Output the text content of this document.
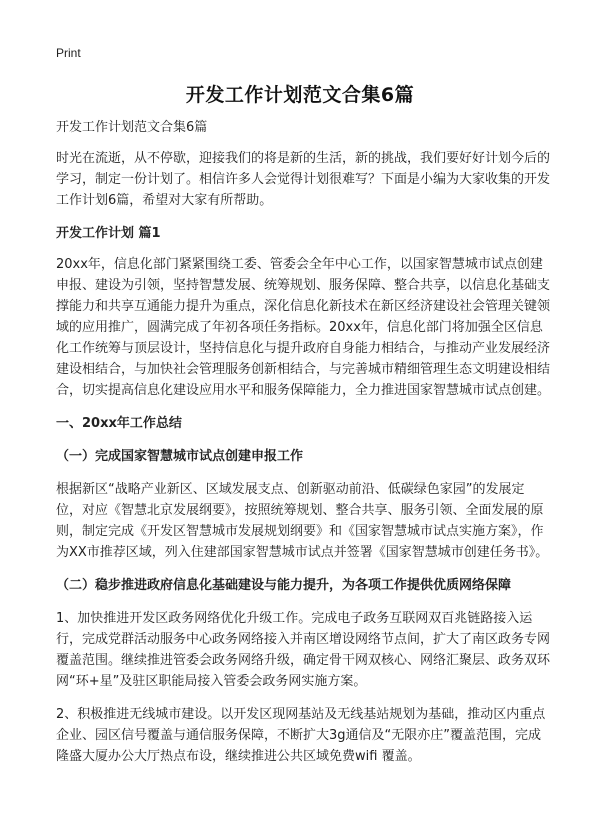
Print
开发工作计划范文合集6篇

开发工作计划范文合集6篇

时光在流逝，从不停歇，迎接我们的将是新的生活，新的挑战，我们要好好计划今后的学习，制定一份计划了。相信许多人会觉得计划很难写？下面是小编为大家收集的开发工作计划6篇，希望对大家有所帮助。

开发工作计划 篇1

20xx年，信息化部门紧紧围绕工委、管委会全年中心工作，以国家智慧城市试点创建申报、建设为引领，坚持智慧发展、统筹规划、服务保障、整合共享，以信息化基础支撑能力和共享互通能力提升为重点，深化信息化新技术在新区经济建设社会管理关键领域的应用推广，圆满完成了年初各项任务指标。20xx年，信息化部门将加强全区信息化工作统筹与顶层设计，坚持信息化与提升政府自身能力相结合，与推动产业发展经济建设相结合，与加快社会管理服务创新相结合，与完善城市精细管理生态文明建设相结合，切实提高信息化建设应用水平和服务保障能力，全力推进国家智慧城市试点创建。

一、20xx年工作总结

（一）完成国家智慧城市试点创建申报工作

根据新区“战略产业新区、区域发展支点、创新驱动前沿、低碳绿色家园”的发展定位，对应《智慧北京发展纲要》，按照统筹规划、整合共享、服务引领、全面发展的原则，制定完成《开发区智慧城市发展规划纲要》和《国家智慧城市试点实施方案》，作为XX市推荐区域，列入住建部国家智慧城市试点并签署《国家智慧城市创建任务书》。

（二）稳步推进政府信息化基础建设与能力提升，为各项工作提供优质网络保障

1、加快推进开发区政务网络优化升级工作。完成电子政务互联网双百兆链路接入运行，完成党群活动服务中心政务网络接入并南区增设网络节点间，扩大了南区政务专网覆盖范围。继续推进管委会政务网络升级，确定骨干网双核心、网络汇聚层、政务双环网“环+星”及驻区职能局接入管委会政务网实施方案。

2、积极推进无线城市建设。以开发区现网基站及无线基站规划为基础，推动区内重点企业、园区信号覆盖与通信服务保障，不断扩大3g通信及“无限亦庄”覆盖范围，完成隆盛大厦办公大厅热点布设，继续推进公共区域免费wifi 覆盖。
